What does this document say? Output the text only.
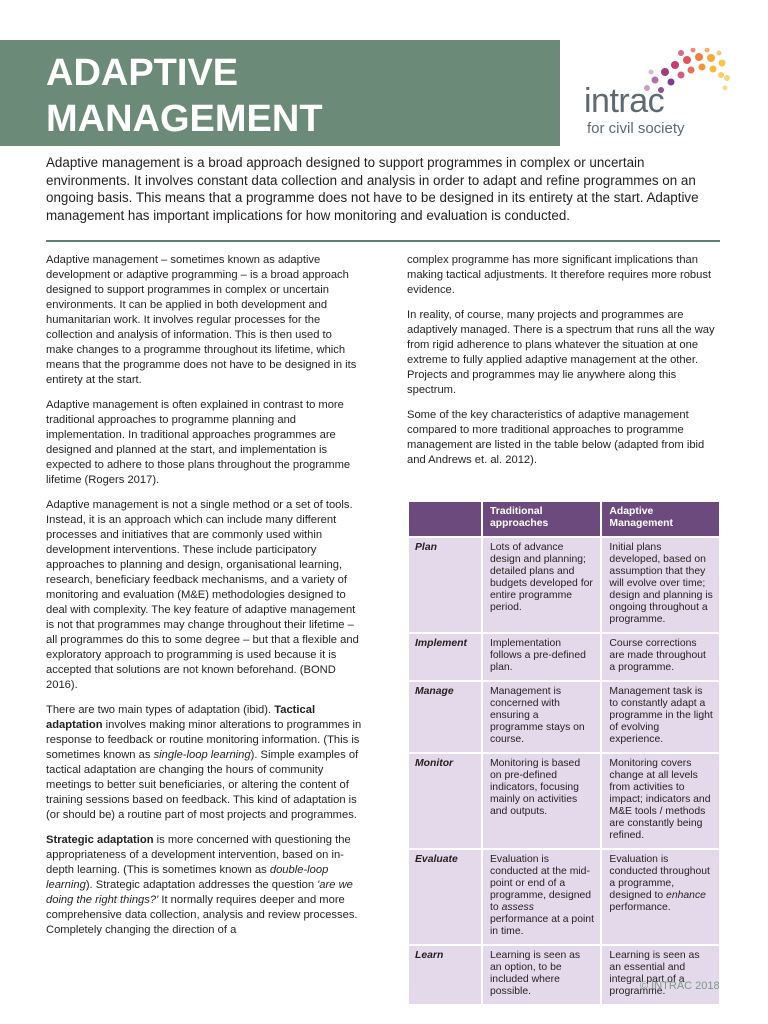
ADAPTIVE
MANAGEMENT	intrac
for civil society

Adaptive management is a broad approach designed to support programmes in complex or uncertain environments. It involves constant data collection and analysis in order to adapt and refine programmes on an ongoing basis. This means that a programme does not have to be designed in its entirety at the start. Adaptive management has important implications for how monitoring and evaluation is conducted.

Adaptive management – sometimes known as adaptive development or adaptive programming – is a broad approach designed to support programmes in complex or uncertain environments. It can be applied in both development and humanitarian work. It involves regular processes for the collection and analysis of information. This is then used to make changes to a programme throughout its lifetime, which means that the programme does not have to be designed in its entirety at the start.

Adaptive management is often explained in contrast to more traditional approaches to programme planning and implementation. In traditional approaches programmes are designed and planned at the start, and implementation is expected to adhere to those plans throughout the programme lifetime (Rogers 2017).

Adaptive management is not a single method or a set of tools. Instead, it is an approach which can include many different processes and initiatives that are commonly used within development interventions. These include participatory approaches to planning and design, organisational learning, research, beneficiary feedback mechanisms, and a variety of monitoring and evaluation (M&E) methodologies designed to deal with complexity. The key feature of adaptive management is not that programmes may change throughout their lifetime – all programmes do this to some degree – but that a flexible and exploratory approach to programming is used because it is accepted that solutions are not known beforehand. (BOND 2016).

There are two main types of adaptation (ibid). Tactical adaptation involves making minor alterations to programmes in response to feedback or routine monitoring information. (This is sometimes known as single-loop learning). Simple examples of tactical adaptation are changing the hours of community meetings to better suit beneficiaries, or altering the content of training sessions based on feedback. This kind of adaptation is (or should be) a routine part of most projects and programmes.

Strategic adaptation is more concerned with questioning the appropriateness of a development intervention, based on in-depth learning. (This is sometimes known as double-loop learning). Strategic adaptation addresses the question 'are we doing the right things?' It normally requires deeper and more comprehensive data collection, analysis and review processes. Completely changing the direction of a

complex programme has more significant implications than making tactical adjustments. It therefore requires more robust evidence.

In reality, of course, many projects and programmes are adaptively managed. There is a spectrum that runs all the way from rigid adherence to plans whatever the situation at one extreme to fully applied adaptive management at the other. Projects and programmes may lie anywhere along this spectrum.

Some of the key characteristics of adaptive management compared to more traditional approaches to programme management are listed in the table below (adapted from ibid and Andrews et. al. 2012).

	Traditional approaches	Adaptive Management
Plan	Lots of advance design and planning; detailed plans and budgets developed for entire programme period.	Initial plans developed, based on assumption that they will evolve over time; design and planning is ongoing throughout a programme.
Implement	Implementation follows a pre-defined plan.	Course corrections are made throughout a programme.
Manage	Management is concerned with ensuring a programme stays on course.	Management task is to constantly adapt a programme in the light of evolving experience.
Monitor	Monitoring is based on pre-defined indicators, focusing mainly on activities and outputs.	Monitoring covers change at all levels from activities to impact; indicators and M&E tools / methods are constantly being refined.
Evaluate	Evaluation is conducted at the mid-point or end of a programme, designed to assess performance at a point in time.	Evaluation is conducted throughout a programme, designed to enhance performance.
Learn	Learning is seen as an option, to be included where possible.	Learning is seen as an essential and integral part of a programme.
© INTRAC 2018
